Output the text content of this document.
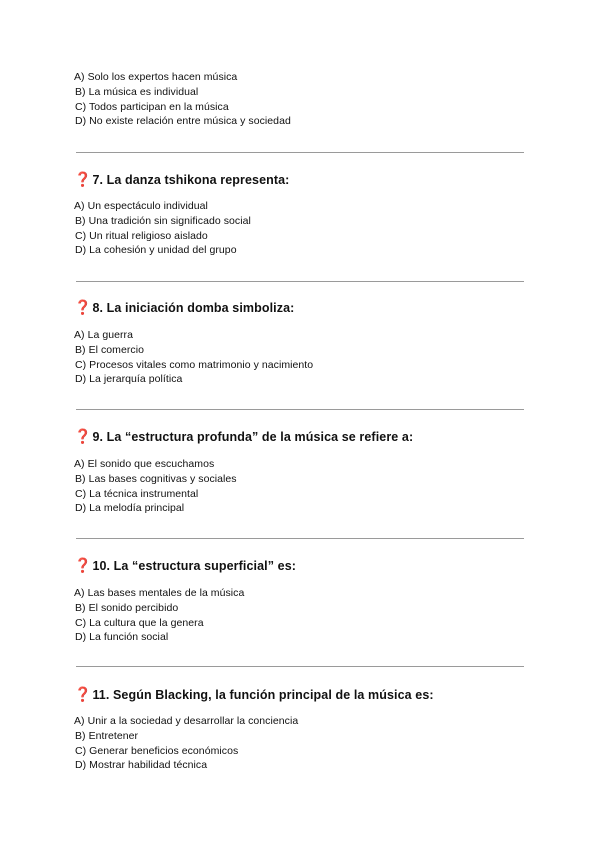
A) Solo los expertos hacen música
B) La música es individual
C) Todos participan en la música
D) No existe relación entre música y sociedad
❓ 7. La danza tshikona representa:
A) Un espectáculo individual
B) Una tradición sin significado social
C) Un ritual religioso aislado
D) La cohesión y unidad del grupo
❓ 8. La iniciación domba simboliza:
A) La guerra
B) El comercio
C) Procesos vitales como matrimonio y nacimiento
D) La jerarquía política
❓ 9. La “estructura profunda” de la música se refiere a:
A) El sonido que escuchamos
B) Las bases cognitivas y sociales
C) La técnica instrumental
D) La melodía principal
❓ 10. La “estructura superficial” es:
A) Las bases mentales de la música
B) El sonido percibido
C) La cultura que la genera
D) La función social
❓ 11. Según Blacking, la función principal de la música es:
A) Unir a la sociedad y desarrollar la conciencia
B) Entretener
C) Generar beneficios económicos
D) Mostrar habilidad técnica
